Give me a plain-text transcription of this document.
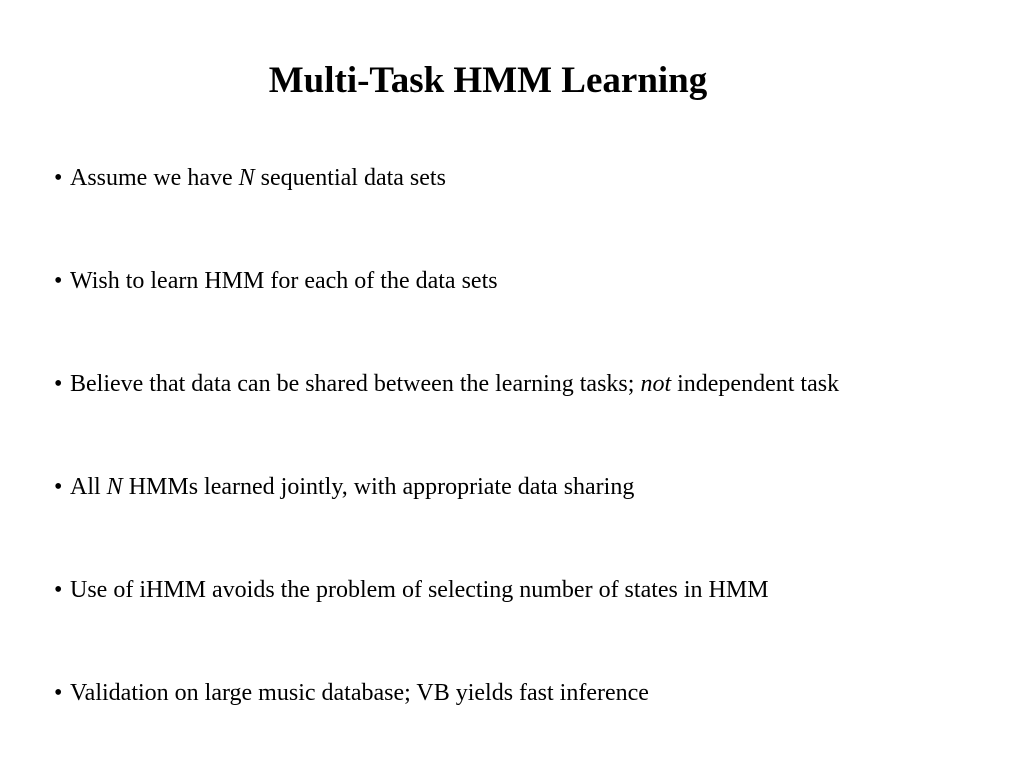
Multi-Task HMM Learning
• Assume we have N sequential data sets
• Wish to learn HMM for each of the data sets
• Believe that data can be shared between the learning tasks; not independent task
• All N HMMs learned jointly, with appropriate data sharing
• Use of iHMM avoids the problem of selecting number of states in HMM
• Validation on large music database; VB yields fast inference
